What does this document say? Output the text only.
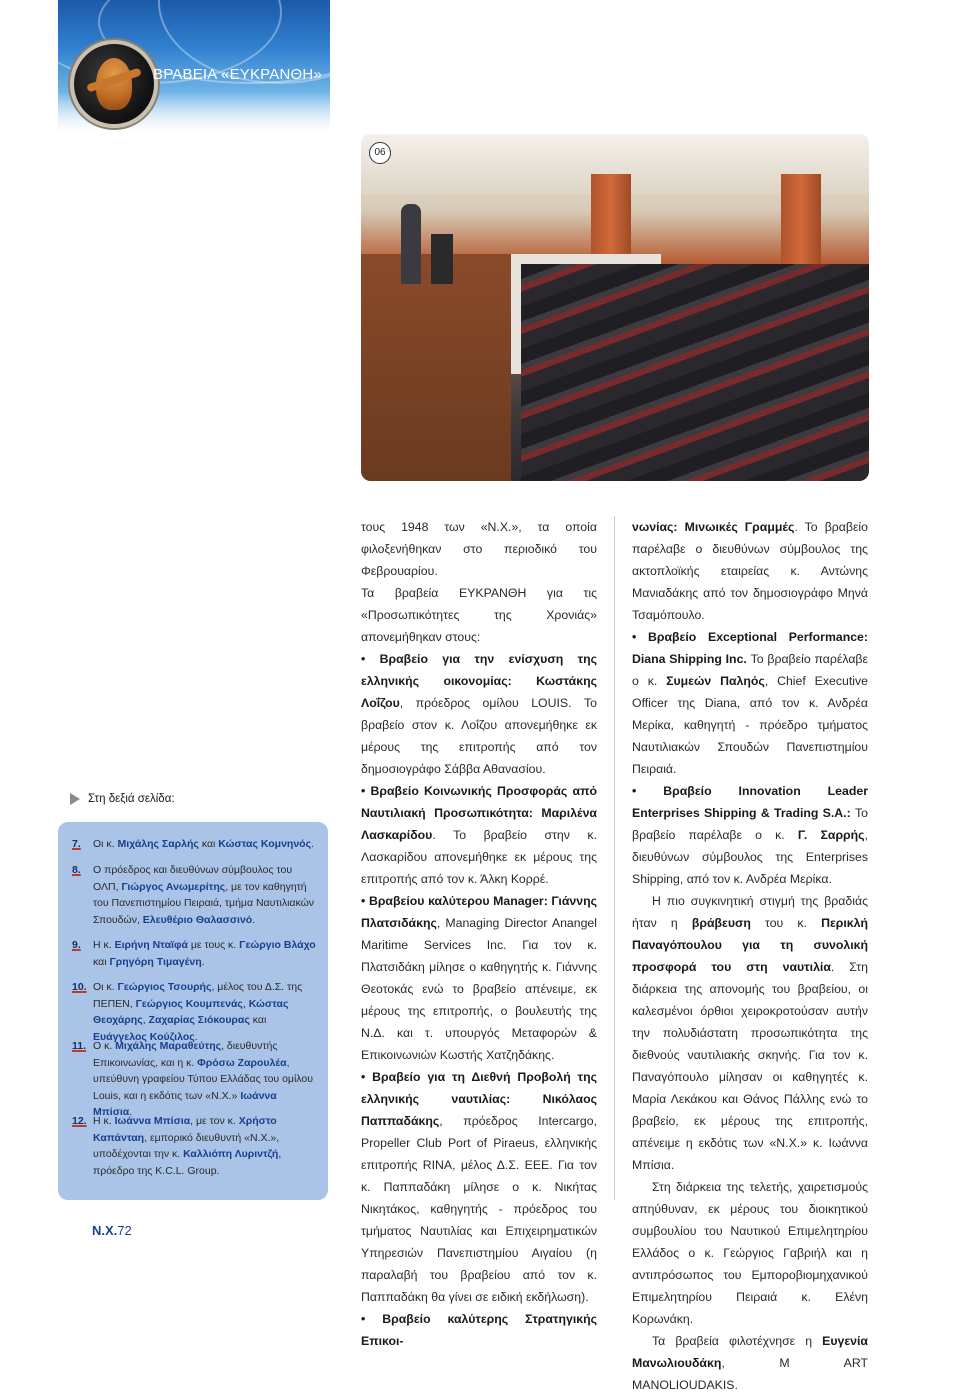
ΒΡΑΒΕΙΑ «ΕΥΚΡΑΝΘΗ»
06
Στη δεξιά σελίδα:
7. Οι κ. Μιχάλης Σαρλής και Κώστας Κομνηνός.
8. Ο πρόεδρος και διευθύνων σύμβουλος του ΟΛΠ, Γιώργος Ανωμερίτης, με τον καθηγητή του Πανεπιστημίου Πειραιά, τμήμα Ναυτιλιακών Σπουδών, Ελευθέριο Θαλασσινό.
9. Η κ. Ειρήνη Νταϊφά με τους κ. Γεώργιο Βλάχο και Γρηγόρη Τιμαγένη.
10. Οι κ. Γεώργιος Τσουρής, μέλος του Δ.Σ. της ΠΕΠΕΝ, Γεώργιος Κουμπενάς, Κώστας Θεοχάρης, Ζαχαρίας Σιόκουρας και Ευάγγελος Κούζιλος.
11. Ο κ. Μιχάλης Μαραθεύτης, διευθυντής Επικοινωνίας, και η κ. Φρόσω Ζαρουλέα, υπεύθυνη γραφείου Τύπου Ελλάδας του ομίλου Louis, και η εκδότις των «Ν.Χ.» Ιωάννα Μπίσια.
12. Η κ. Ιωάννα Μπίσια, με τον κ. Χρήστο Καπάνταη, εμπορικό διευθυντή «Ν.Χ.», υποδέχονται την κ. Καλλιόπη Λυριντζή, πρόεδρο της K.C.L. Group.

τους 1948 των «Ν.Χ.», τα οποία φιλοξενήθηκαν στο περιοδικό του Φεβρουαρίου.

Τα βραβεία ΕΥΚΡΑΝΘΗ για τις «Προσωπικότητες της Χρονιάς» απονεμήθηκαν στους:

• Βραβείο για την ενίσχυση της ελληνικής οικονομίας: Κωστάκης Λοΐζου, πρόεδρος ομίλου LOUIS. Το βραβείο στον κ. Λοΐζου απονεμήθηκε εκ μέρους της επιτροπής από τον δημοσιογράφο Σάββα Αθανασίου.

• Βραβείο Κοινωνικής Προσφοράς από Ναυτιλιακή Προσωπικότητα: Μαριλένα Λασκαρίδου. Το βραβείο στην κ. Λασκαρίδου απονεμήθηκε εκ μέρους της επιτροπής από τον κ. Άλκη Κορρέ.

• Βραβείου καλύτερου Manager: Γιάννης Πλατσιδάκης, Managing Director Anangel Maritime Services Inc. Για τον κ. Πλατσιδάκη μίλησε ο καθηγητής κ. Γιάννης Θεοτοκάς ενώ το βραβείο απένειμε, εκ μέρους της επιτροπής, ο βουλευτής της Ν.Δ. και τ. υπουργός Μεταφορών & Επικοινωνιών Κωστής Χατζηδάκης.

• Βραβείο για τη Διεθνή Προβολή της ελληνικής ναυτιλίας: Νικόλαος Παππαδάκης, πρόεδρος Intercargo, Propeller Club Port of Piraeus, ελληνικής επιτροπής RINA, μέλος Δ.Σ. ΕΕΕ. Για τον κ. Παππαδάκη μίλησε ο κ. Νικήτας Νικητάκος, καθηγητής - πρόεδρος του τμήματος Ναυτιλίας και Επιχειρηματικών Υπηρεσιών Πανεπιστημίου Αιγαίου (η παραλαβή του βραβείου από τον κ. Παππαδάκη θα γίνει σε ειδική εκδήλωση).

• Βραβείο καλύτερης Στρατηγικής Επικοι-

νωνίας: Μινωικές Γραμμές. Το βραβείο παρέλαβε ο διευθύνων σύμβουλος της ακτοπλοϊκής εταιρείας κ. Αντώνης Μανιαδάκης από τον δημοσιογράφο Μηνά Τσαμόπουλο.

• Βραβείο Exceptional Performance: Diana Shipping Inc. Το βραβείο παρέλαβε ο κ. Συμεών Παληός, Chief Executive Officer της Diana, από τον κ. Ανδρέα Μερίκα, καθηγητή - πρόεδρο τμήματος Ναυτιλιακών Σπουδών Πανεπιστημίου Πειραιά.

• Βραβείο Innovation Leader Enterprises Shipping & Trading S.A.: Το βραβείο παρέλαβε ο κ. Γ. Σαρρής, διευθύνων σύμβουλος της Enterprises Shipping, από τον κ. Ανδρέα Μερίκα.

Η πιο συγκινητική στιγμή της βραδιάς ήταν η βράβευση του κ. Περικλή Παναγόπουλου για τη συνολική προσφορά του στη ναυτιλία. Στη διάρκεια της απονομής του βραβείου, οι καλεσμένοι όρθιοι χειροκροτούσαν αυτήν την πολυδιάστατη προσωπικότητα της διεθνούς ναυτιλιακής σκηνής. Για τον κ. Παναγόπουλο μίλησαν οι καθηγητές κ. Μαρία Λεκάκου και Θάνος Πάλλης ενώ το βραβείο, εκ μέρους της επιτροπής, απένειμε η εκδότις των «Ν.Χ.» κ. Ιωάννα Μπίσια.

Στη διάρκεια της τελετής, χαιρετισμούς απηύθυναν, εκ μέρους του διοικητικού συμβουλίου του Ναυτικού Επιμελητηρίου Ελλάδος ο κ. Γεώργιος Γαβριήλ και η αντιπρόσωπος του Εμποροβιομηχανικού Επιμελητηρίου Πειραιά κ. Ελένη Κορωνάκη.

Τα βραβεία φιλοτέχνησε η Ευγενία Μανωλιουδάκη, M ART MANOLIOUDAKIS.

Ν.Χ.72
